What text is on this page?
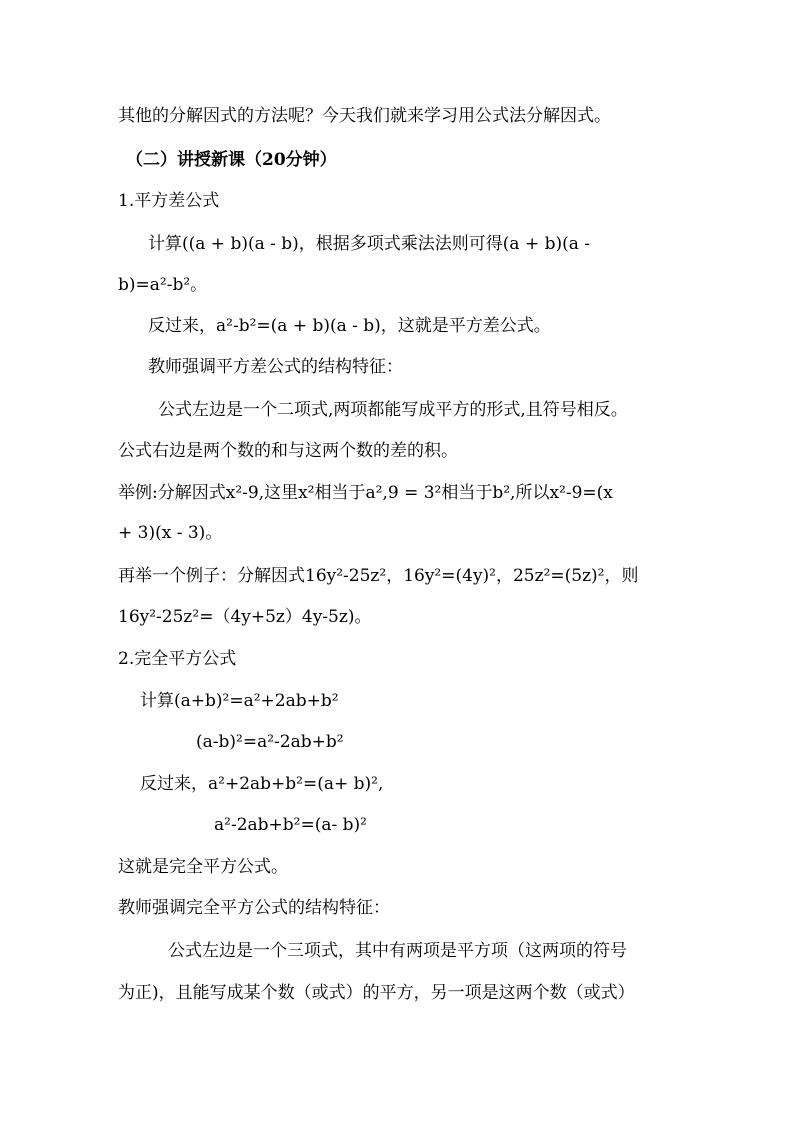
其他的分解因式的方法呢？今天我们就来学习用公式法分解因式。
（二）讲授新课（20分钟）
1.平方差公式
计算((a + b)(a - b)，根据多项式乘法法则可得(a + b)(a -
b)=a²-b²。
反过来，a²-b²=(a + b)(a - b)，这就是平方差公式。
教师强调平方差公式的结构特征：
公式左边是一个二项式,两项都能写成平方的形式,且符号相反。
公式右边是两个数的和与这两个数的差的积。
举例:分解因式x²-9,这里x²相当于a²,9 = 3²相当于b²,所以x²-9=(x
+ 3)(x - 3)。
再举一个例子：分解因式16y²-25z²，16y²=(4y)²，25z²=(5z)²，则
16y²-25z²=（4y+5z）4y-5z)。
2.完全平方公式
计算(a+b)²=a²+2ab+b²
(a-b)²=a²-2ab+b²
反过来，a²+2ab+b²=(a+ b)²,
a²-2ab+b²=(a- b)²
这就是完全平方公式。
教师强调完全平方公式的结构特征：
公式左边是一个三项式，其中有两项是平方项（这两项的符号
为正)，且能写成某个数（或式）的平方，另一项是这两个数（或式）
